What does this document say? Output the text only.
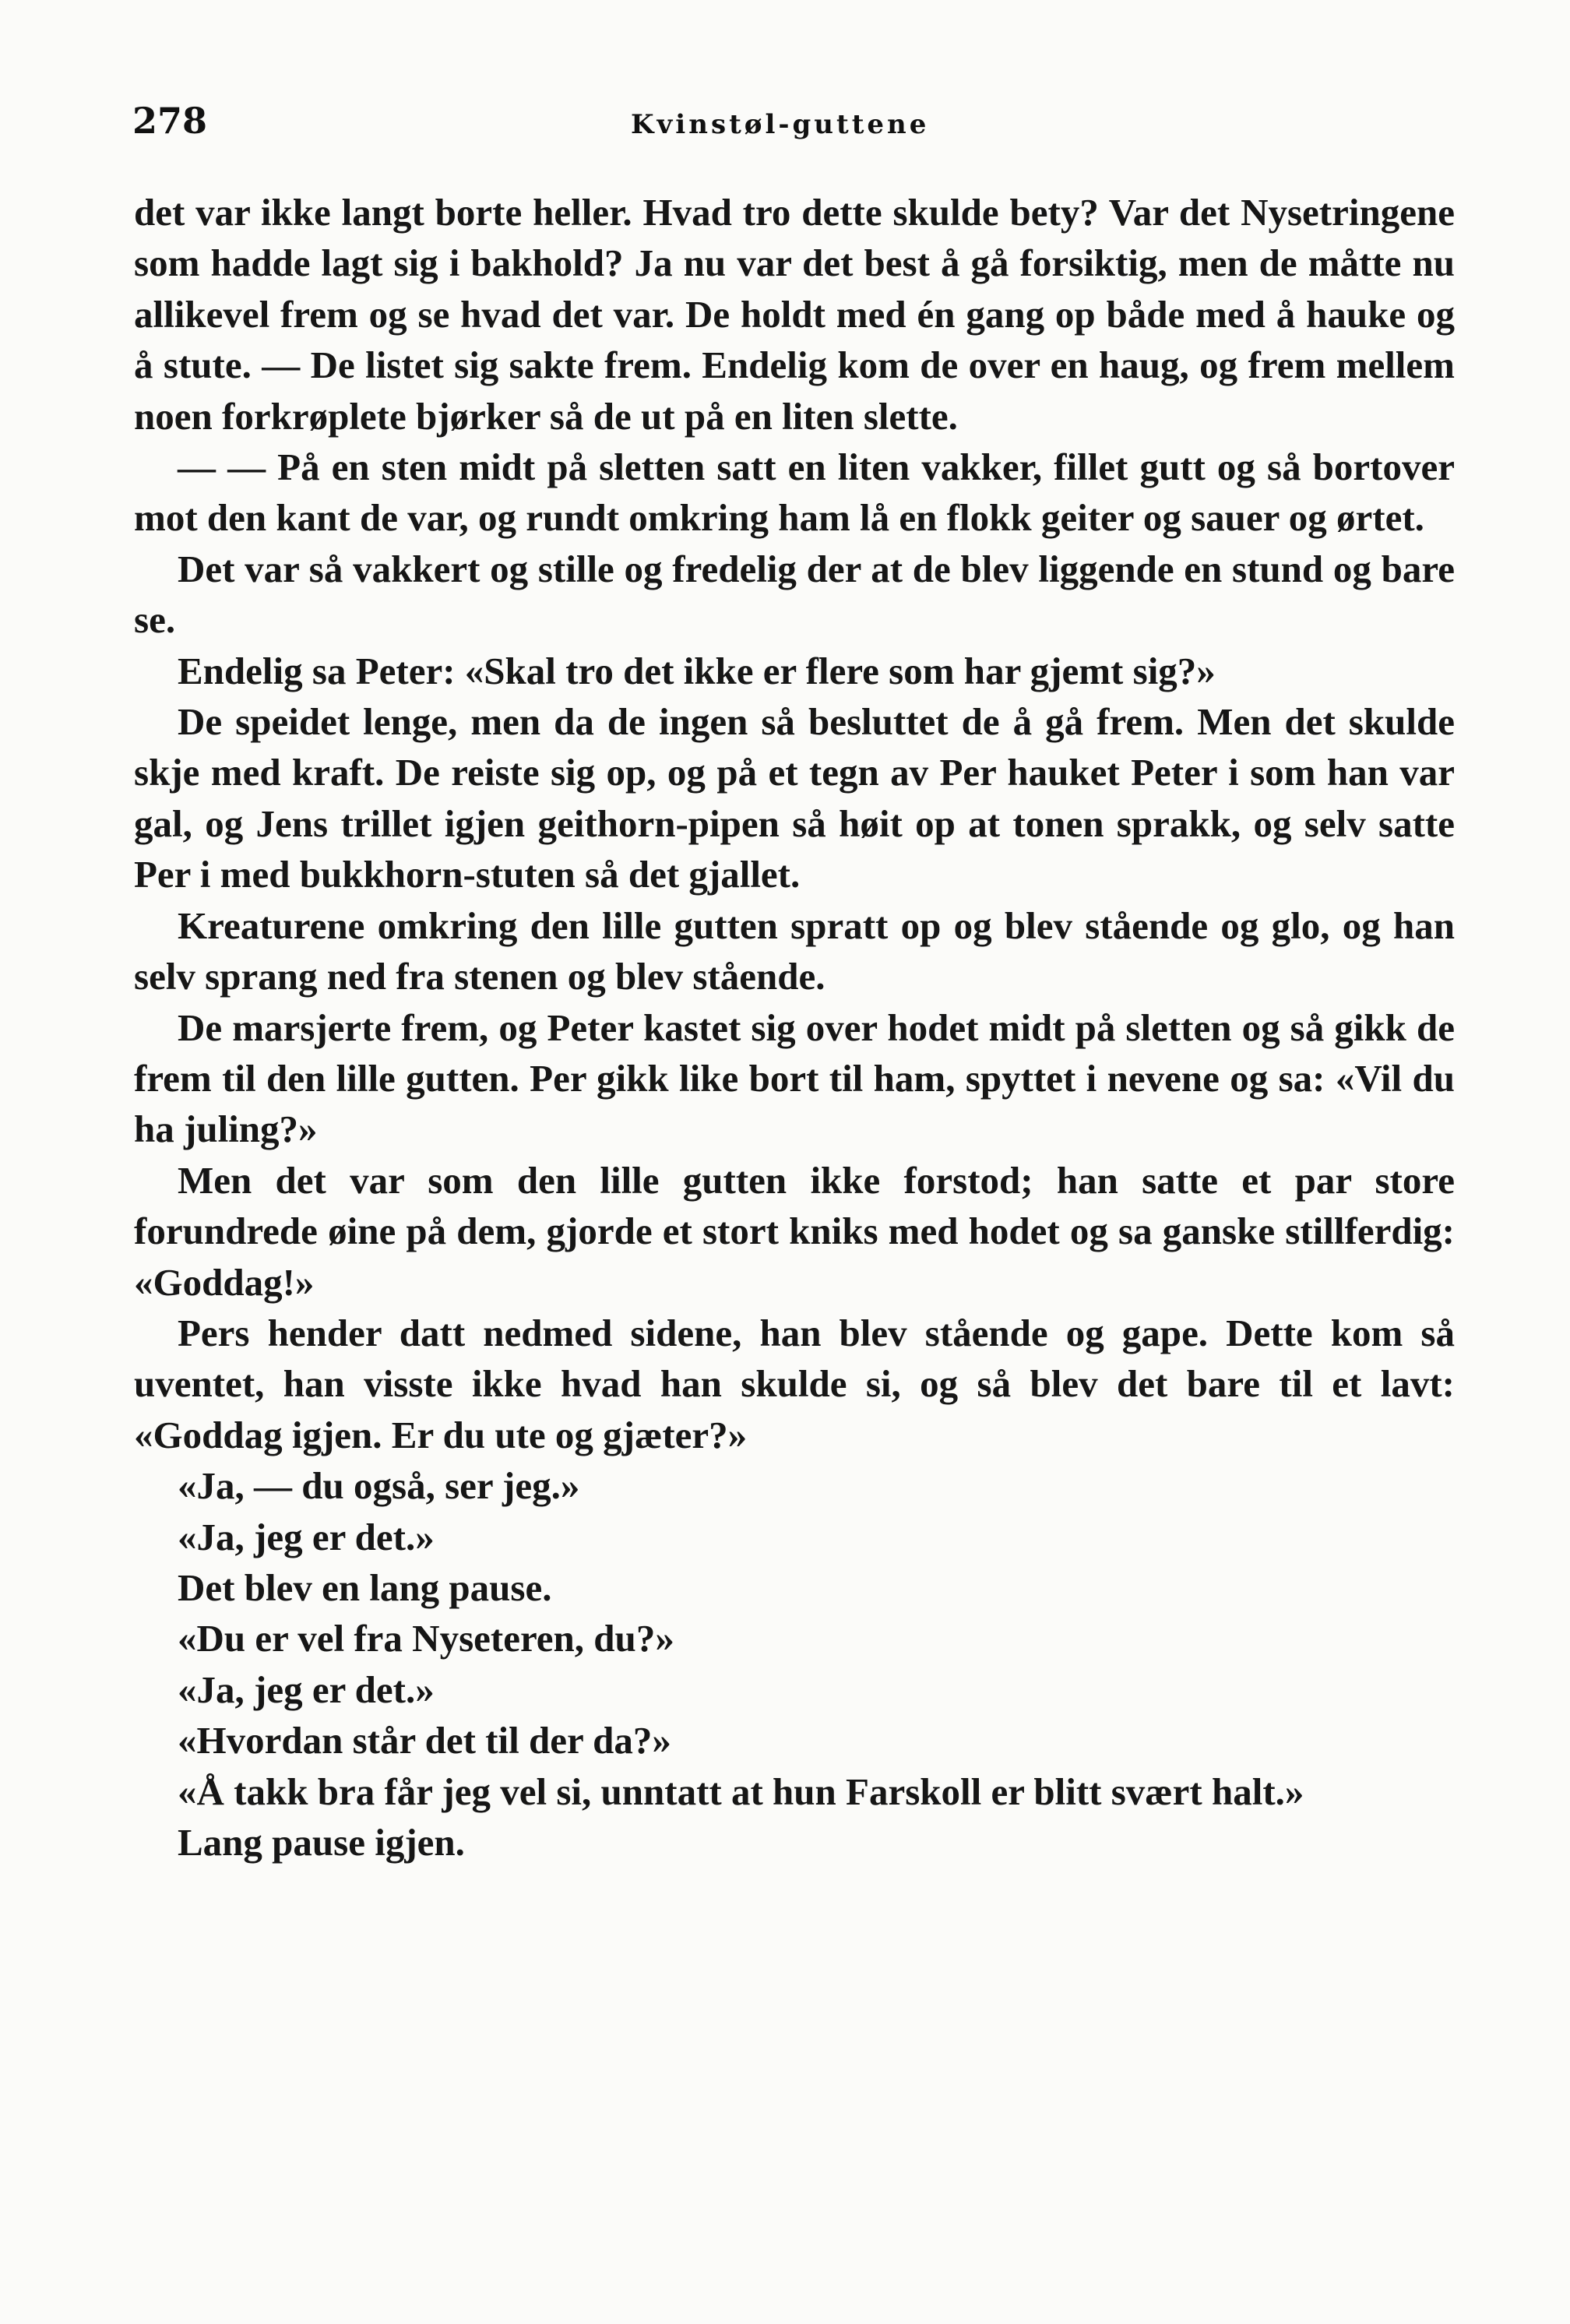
278	Kvinstøl-guttene

det var ikke langt borte heller. Hvad tro dette skulde bety? Var det Nysetringene som hadde lagt sig i bakhold? Ja nu var det best å gå forsiktig, men de måtte nu allikevel frem og se hvad det var. De holdt med én gang op både med å hauke og å stute. — De listet sig sakte frem. Endelig kom de over en haug, og frem mellem noen forkrøplete bjørker så de ut på en liten slette.

— — På en sten midt på sletten satt en liten vakker, fillet gutt og så bortover mot den kant de var, og rundt omkring ham lå en flokk geiter og sauer og ørtet.

Det var så vakkert og stille og fredelig der at de blev liggende en stund og bare se.

Endelig sa Peter: «Skal tro det ikke er flere som har gjemt sig?»

De speidet lenge, men da de ingen så besluttet de å gå frem. Men det skulde skje med kraft. De reiste sig op, og på et tegn av Per hauket Peter i som han var gal, og Jens trillet igjen geithorn-pipen så høit op at tonen sprakk, og selv satte Per i med bukkhorn-stuten så det gjallet.

Kreaturene omkring den lille gutten spratt op og blev stående og glo, og han selv sprang ned fra stenen og blev stående.

De marsjerte frem, og Peter kastet sig over hodet midt på sletten og så gikk de frem til den lille gutten. Per gikk like bort til ham, spyttet i nevene og sa: «Vil du ha juling?»

Men det var som den lille gutten ikke forstod; han satte et par store forundrede øine på dem, gjorde et stort kniks med hodet og sa ganske stillferdig: «Goddag!»

Pers hender datt nedmed sidene, han blev stående og gape. Dette kom så uventet, han visste ikke hvad han skulde si, og så blev det bare til et lavt: «Goddag igjen. Er du ute og gjæter?»

«Ja, — du også, ser jeg.»

«Ja, jeg er det.»

Det blev en lang pause.

«Du er vel fra Nyseteren, du?»

«Ja, jeg er det.»

«Hvordan står det til der da?»

«Å takk bra får jeg vel si, unntatt at hun Farskoll er blitt svært halt.»

Lang pause igjen.
